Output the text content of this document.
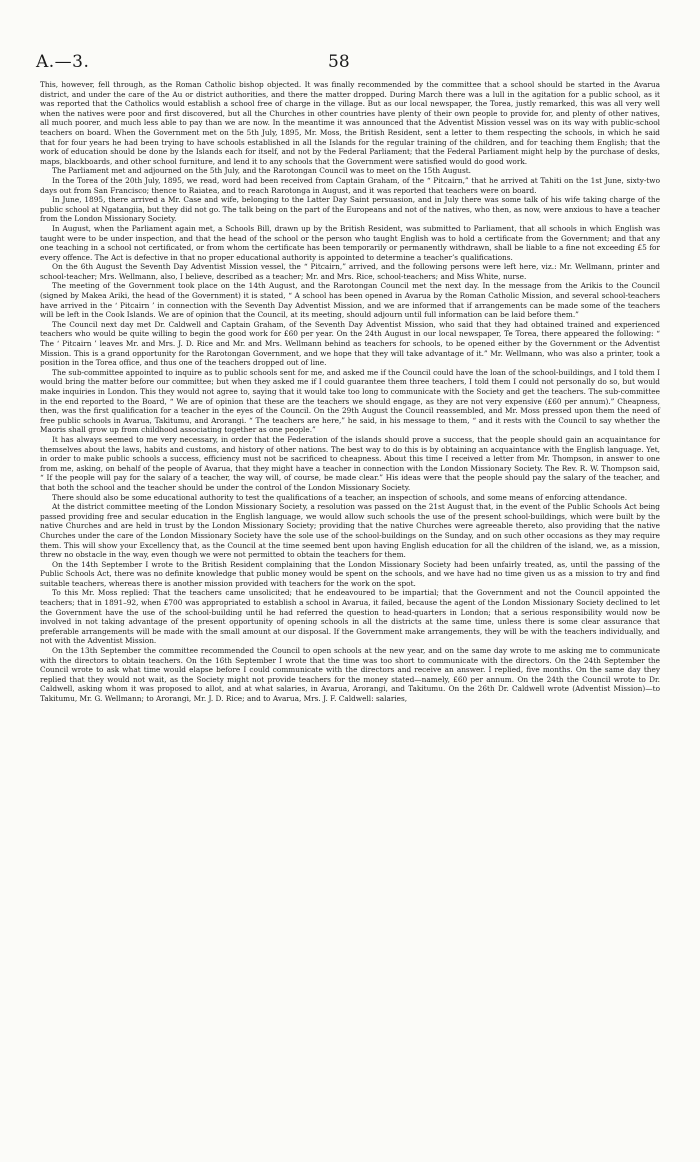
A.—3.	58

This, however, fell through, as the Roman Catholic bishop objected. It was finally recommended by the committee that a school should be started in the Avarua district, and under the care of the Au or district authorities, and there the matter dropped. During March there was a lull in the agitation for a public school, as it was reported that the Catholics would establish a school free of charge in the village. But as our local newspaper, the Torea, justly remarked, this was all very well when the natives were poor and first discovered, but all the Churches in other countries have plenty of their own people to provide for, and plenty of other natives, all much poorer, and much less able to pay than we are now. In the meantime it was announced that the Adventist Mission vessel was on its way with public-school teachers on board. When the Government met on the 5th July, 1895, Mr. Moss, the British Resident, sent a letter to them respecting the schools, in which he said that for four years he had been trying to have schools established in all the Islands for the regular training of the children, and for teaching them English; that the work of education should be done by the Islands each for itself, and not by the Federal Parliament; that the Federal Parliament might help by the purchase of desks, maps, blackboards, and other school furniture, and lend it to any schools that the Government were satisfied would do good work.

The Parliament met and adjourned on the 5th July, and the Rarotongan Council was to meet on the 15th August.

In the Torea of the 20th July, 1895, we read, word had been received from Captain Graham, of the “ Pitcairn,” that he arrived at Tahiti on the 1st June, sixty-two days out from San Francisco; thence to Raiatea, and to reach Rarotonga in August, and it was reported that teachers were on board.

In June, 1895, there arrived a Mr. Case and wife, belonging to the Latter Day Saint persuasion, and in July there was some talk of his wife taking charge of the public school at Ngatangiia, but they did not go. The talk being on the part of the Europeans and not of the natives, who then, as now, were anxious to have a teacher from the London Missionary Society.

In August, when the Parliament again met, a Schools Bill, drawn up by the British Resident, was submitted to Parliament, that all schools in which English was taught were to be under inspection, and that the head of the school or the person who taught English was to hold a certificate from the Government; and that any one teaching in a school not certificated, or from whom the certificate has been temporarily or permanently withdrawn, shall be liable to a fine not exceeding £5 for every offence. The Act is defective in that no proper educational authority is appointed to determine a teacher’s qualifications.

On the 6th August the Seventh Day Adventist Mission vessel, the “ Pitcairn,” arrived, and the following persons were left here, viz.: Mr. Wellmann, printer and school-teacher; Mrs. Wellmann, also, I believe, described as a teacher; Mr. and Mrs. Rice, school-teachers; and Miss White, nurse.

The meeting of the Government took place on the 14th August, and the Rarotongan Council met the next day. In the message from the Arikis to the Council (signed by Makea Ariki, the head of the Government) it is stated, “ A school has been opened in Avarua by the Roman Catholic Mission, and several school-teachers have arrived in the ‘ Pitcairn ’ in connection with the Seventh Day Adventist Mission, and we are informed that if arrangements can be made some of the teachers will be left in the Cook Islands. We are of opinion that the Council, at its meeting, should adjourn until full information can be laid before them.”

The Council next day met Dr. Caldwell and Captain Graham, of the Seventh Day Adventist Mission, who said that they had obtained trained and experienced teachers who would be quite willing to begin the good work for £60 per year. On the 24th August in our local newspaper, Te Torea, there appeared the following: “ The ‘ Pitcairn ’ leaves Mr. and Mrs. J. D. Rice and Mr. and Mrs. Wellmann behind as teachers for schools, to be opened either by the Government or the Adventist Mission. This is a grand opportunity for the Rarotongan Government, and we hope that they will take advantage of it.” Mr. Wellmann, who was also a printer, took a position in the Torea office, and thus one of the teachers dropped out of line.

The sub-committee appointed to inquire as to public schools sent for me, and asked me if the Council could have the loan of the school-buildings, and I told them I would bring the matter before our committee; but when they asked me if I could guarantee them three teachers, I told them I could not personally do so, but would make inquiries in London. This they would not agree to, saying that it would take too long to communicate with the Society and get the teachers. The sub-committee in the end reported to the Board, “ We are of opinion that these are the teachers we should engage, as they are not very expensive (£60 per annum).” Cheapness, then, was the first qualification for a teacher in the eyes of the Council. On the 29th August the Council reassembled, and Mr. Moss pressed upon them the need of free public schools in Avarua, Takitumu, and Arorangi. “ The teachers are here,” he said, in his message to them, “ and it rests with the Council to say whether the Maoris shall grow up from childhood associating together as one people.”

It has always seemed to me very necessary, in order that the Federation of the islands should prove a success, that the people should gain an acquaintance for themselves about the laws, habits and customs, and history of other nations. The best way to do this is by obtaining an acquaintance with the English language. Yet, in order to make public schools a success, efficiency must not be sacrificed to cheapness. About this time I received a letter from Mr. Thompson, in answer to one from me, asking, on behalf of the people of Avarua, that they might have a teacher in connection with the London Missionary Society. The Rev. R. W. Thompson said, “ If the people will pay for the salary of a teacher, the way will, of course, be made clear.” His ideas were that the people should pay the salary of the teacher, and that both the school and the teacher should be under the control of the London Missionary Society.

There should also be some educational authority to test the qualifications of a teacher, an inspection of schools, and some means of enforcing attendance.

At the district committee meeting of the London Missionary Society, a resolution was passed on the 21st August that, in the event of the Public Schools Act being passed providing free and secular education in the English language, we would allow such schools the use of the present school-buildings, which were built by the native Churches and are held in trust by the London Missionary Society; providing that the native Churches were agreeable thereto, also providing that the native Churches under the care of the London Missionary Society have the sole use of the school-buildings on the Sunday, and on such other occasions as they may require them. This will show your Excellency that, as the Council at the time seemed bent upon having English education for all the children of the island, we, as a mission, threw no obstacle in the way, even though we were not permitted to obtain the teachers for them.

On the 14th September I wrote to the British Resident complaining that the London Missionary Society had been unfairly treated, as, until the passing of the Public Schools Act, there was no definite knowledge that public money would be spent on the schools, and we have had no time given us as a mission to try and find suitable teachers, whereas there is another mission provided with teachers for the work on the spot.

To this Mr. Moss replied: That the teachers came unsolicited; that he endeavoured to be impartial; that the Government and not the Council appointed the teachers; that in 1891–92, when £700 was appropriated to establish a school in Avarua, it failed, because the agent of the London Missionary Society declined to let the Government have the use of the school-building until he had referred the question to head-quarters in London; that a serious responsibility would now be involved in not taking advantage of the present opportunity of opening schools in all the districts at the same time, unless there is some clear assurance that preferable arrangements will be made with the small amount at our disposal. If the Government make arrangements, they will be with the teachers individually, and not with the Adventist Mission.

On the 13th September the committee recommended the Council to open schools at the new year, and on the same day wrote to me asking me to communicate with the directors to obtain teachers. On the 16th September I wrote that the time was too short to communicate with the directors. On the 24th September the Council wrote to ask what time would elapse before I could communicate with the directors and receive an answer. I replied, five months. On the same day they replied that they would not wait, as the Society might not provide teachers for the money stated—namely, £60 per annum. On the 24th the Council wrote to Dr. Caldwell, asking whom it was proposed to allot, and at what salaries, in Avarua, Arorangi, and Takitumu. On the 26th Dr. Caldwell wrote (Adventist Mission)—to Takitumu, Mr. G. Wellmann; to Arorangi, Mr. J. D. Rice; and to Avarua, Mrs. J. F. Caldwell: salaries,
